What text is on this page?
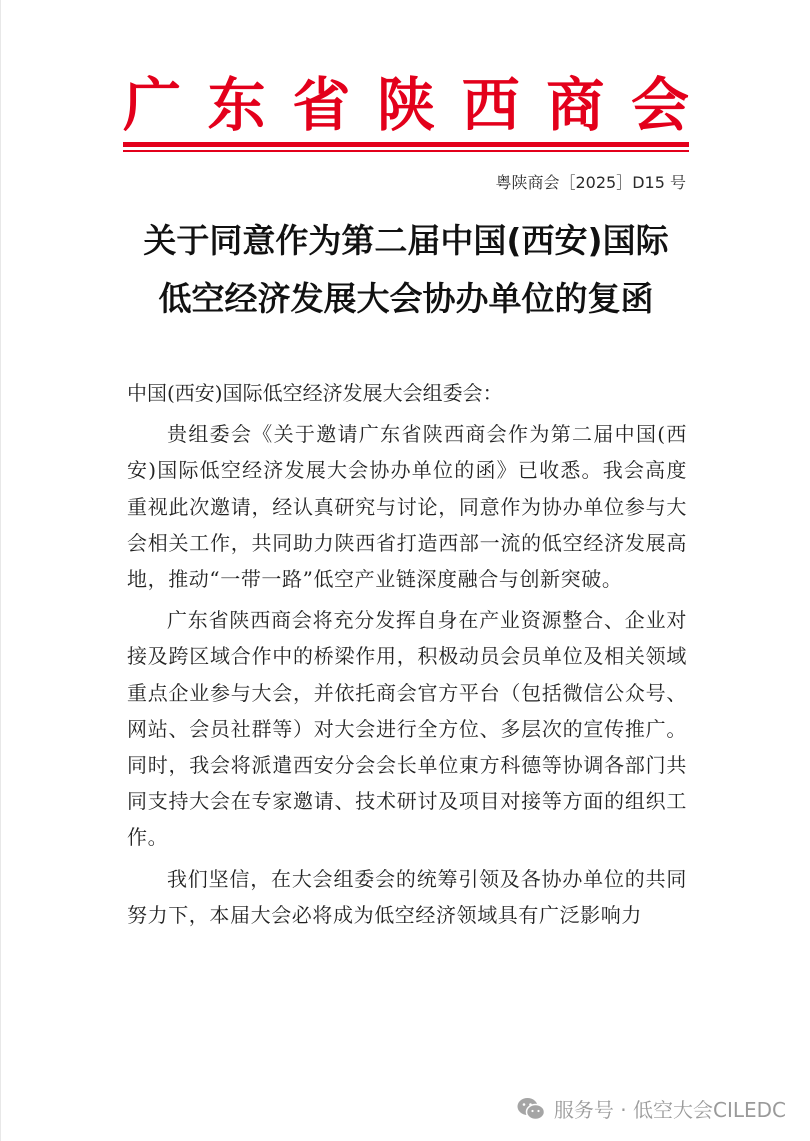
广 东 省 陕 西 商 会
粤陕商会［2025］D15 号
关于同意作为第二届中国(西安)国际
低空经济发展大会协办单位的复函

中国(西安)国际低空经济发展大会组委会：

贵组委会《关于邀请广东省陕西商会作为第二届中国(西安)国际低空经济发展大会协办单位的函》已收悉。我会高度重视此次邀请，经认真研究与讨论，同意作为协办单位参与大会相关工作，共同助力陕西省打造西部一流的低空经济发展高地，推动“一带一路”低空产业链深度融合与创新突破。

广东省陕西商会将充分发挥自身在产业资源整合、企业对接及跨区域合作中的桥梁作用，积极动员会员单位及相关领域重点企业参与大会，并依托商会官方平台（包括微信公众号、网站、会员社群等）对大会进行全方位、多层次的宣传推广。同时，我会将派遣西安分会会长单位東方科德等协调各部门共同支持大会在专家邀请、技术研讨及项目对接等方面的组织工作。

我们坚信，在大会组委会的统筹引领及各协办单位的共同努力下，本届大会必将成为低空经济领域具有广泛影响力

服务号 · 低空大会CILEDC
